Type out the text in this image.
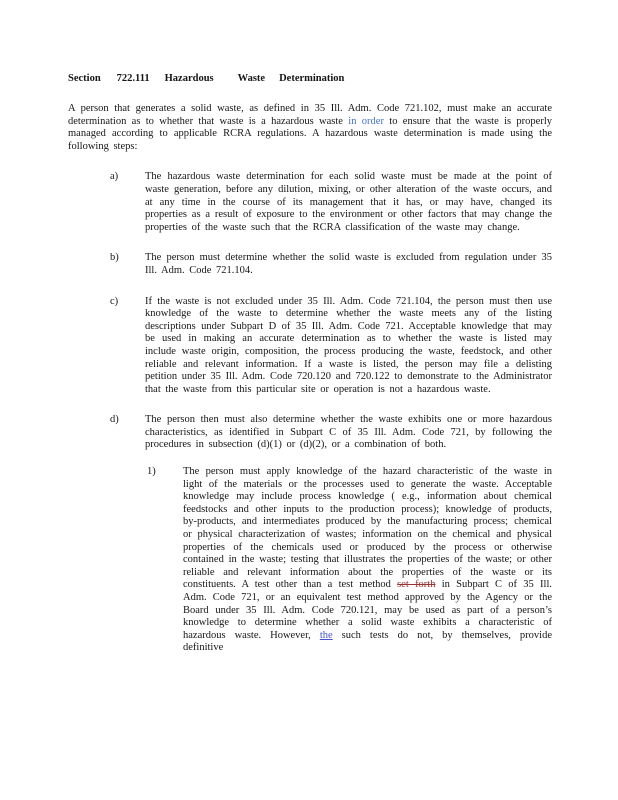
Section 722.111 Hazardous Waste Determination

A person that generates a solid waste, as defined in 35 Ill. Adm. Code 721.102, must make an accurate determination as to whether that waste is a hazardous waste in order to ensure that the waste is properly managed according to applicable RCRA regulations. A hazardous waste determination is made using the following steps:

a)	The hazardous waste determination for each solid waste must be made at the point of waste generation, before any dilution, mixing, or other alteration of the waste occurs, and at any time in the course of its management that it has, or may have, changed its properties as a result of exposure to the environment or other factors that may change the properties of the waste such that the RCRA classification of the waste may change.
b)	The person must determine whether the solid waste is excluded from regulation under 35 Ill. Adm. Code 721.104.
c)	If the waste is not excluded under 35 Ill. Adm. Code 721.104, the person must then use knowledge of the waste to determine whether the waste meets any of the listing descriptions under Subpart D of 35 Ill. Adm. Code 721. Acceptable knowledge that may be used in making an accurate determination as to whether the waste is listed may include waste origin, composition, the process producing the waste, feedstock, and other reliable and relevant information. If a waste is listed, the person may file a delisting petition under 35 Ill. Adm. Code 720.120 and 720.122 to demonstrate to the Administrator that the waste from this particular site or operation is not a hazardous waste.
d)	The person then must also determine whether the waste exhibits one or more hazardous characteristics, as identified in Subpart C of 35 Ill. Adm. Code 721, by following the procedures in subsection (d)(1) or (d)(2), or a combination of both.
1)	The person must apply knowledge of the hazard characteristic of the waste in light of the materials or the processes used to generate the waste. Acceptable knowledge may include process knowledge ( e.g., information about chemical feedstocks and other inputs to the production process); knowledge of products, by-products, and intermediates produced by the manufacturing process; chemical or physical characterization of wastes; information on the chemical and physical properties of the chemicals used or produced by the process or otherwise contained in the waste; testing that illustrates the properties of the waste; or other reliable and relevant information about the properties of the waste or its constituents. A test other than a test method set forth in Subpart C of 35 Ill. Adm. Code 721, or an equivalent test method approved by the Agency or the Board under 35 Ill. Adm. Code 720.121, may be used as part of a person’s knowledge to determine whether a solid waste exhibits a characteristic of hazardous waste. However, the such tests do not, by themselves, provide definitive
